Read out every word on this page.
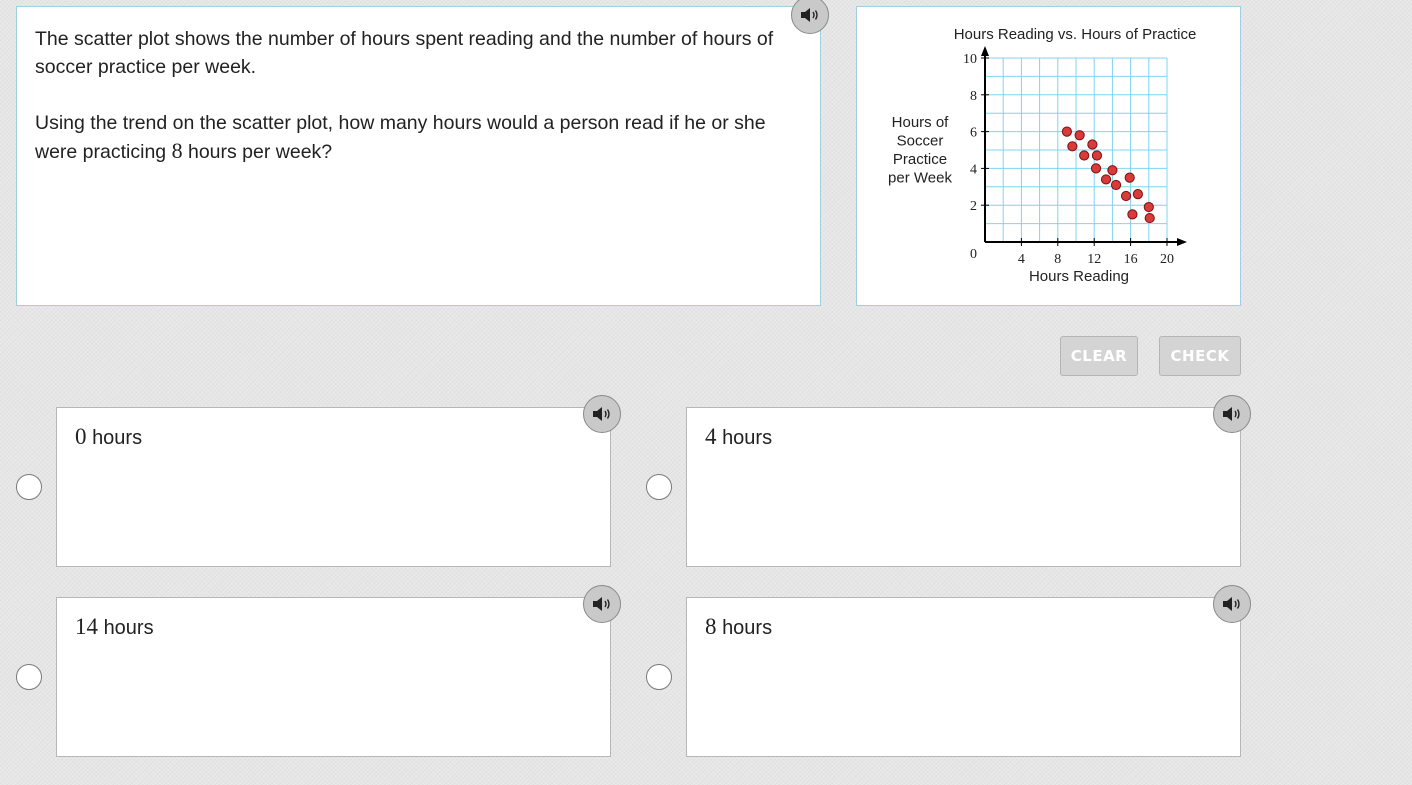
The scatter plot shows the number of hours spent reading and the number of hours of soccer practice per week.

Using the trend on the scatter plot, how many hours would a person read if he or she were practicing 8 hours per week?

4 8 12 16 20
2
4
6
8
10
0
Hours Reading vs. Hours of Practice
Hours Reading
Hours of
Soccer
Practice
per Week
CLEAR	CHECK
0 hours	4 hours
14 hours	8 hours
